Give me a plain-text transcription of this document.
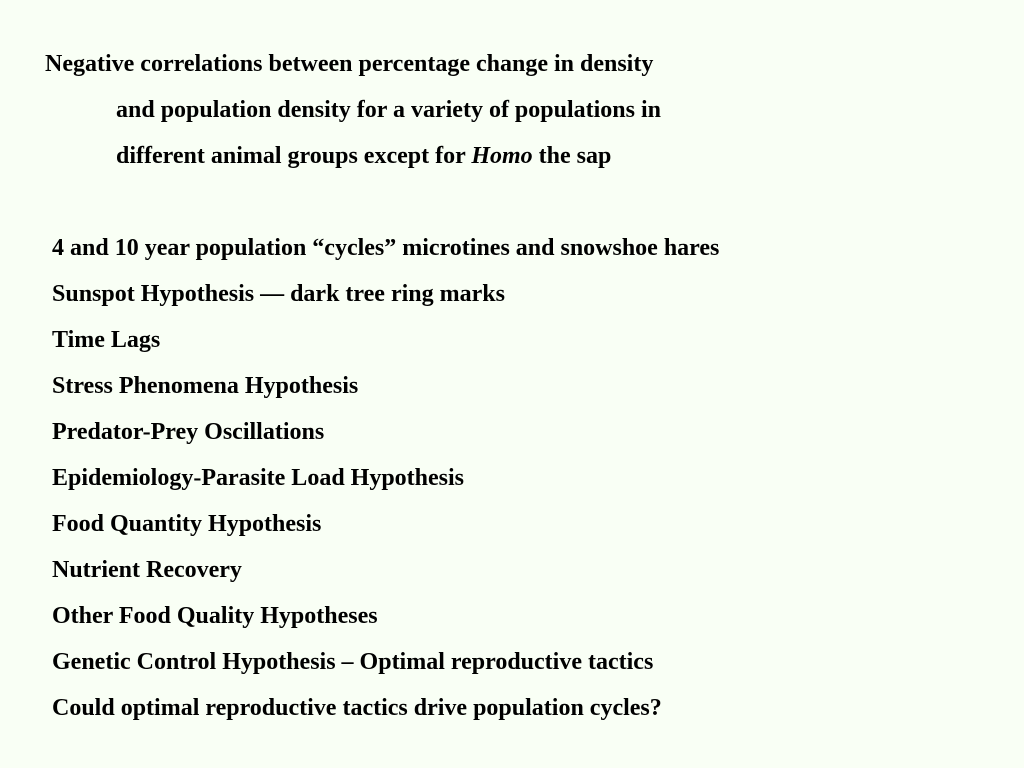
Negative correlations between percentage change in density
and population density for a variety of populations in
different animal groups except for Homo the sap
4 and 10 year population “cycles” microtines and snowshoe hares
Sunspot Hypothesis — dark tree ring marks
Time Lags
Stress Phenomena Hypothesis
Predator-Prey Oscillations
Epidemiology-Parasite Load Hypothesis
Food Quantity Hypothesis
Nutrient Recovery
Other Food Quality Hypotheses
Genetic Control Hypothesis – Optimal reproductive tactics
Could optimal reproductive tactics drive population cycles?
